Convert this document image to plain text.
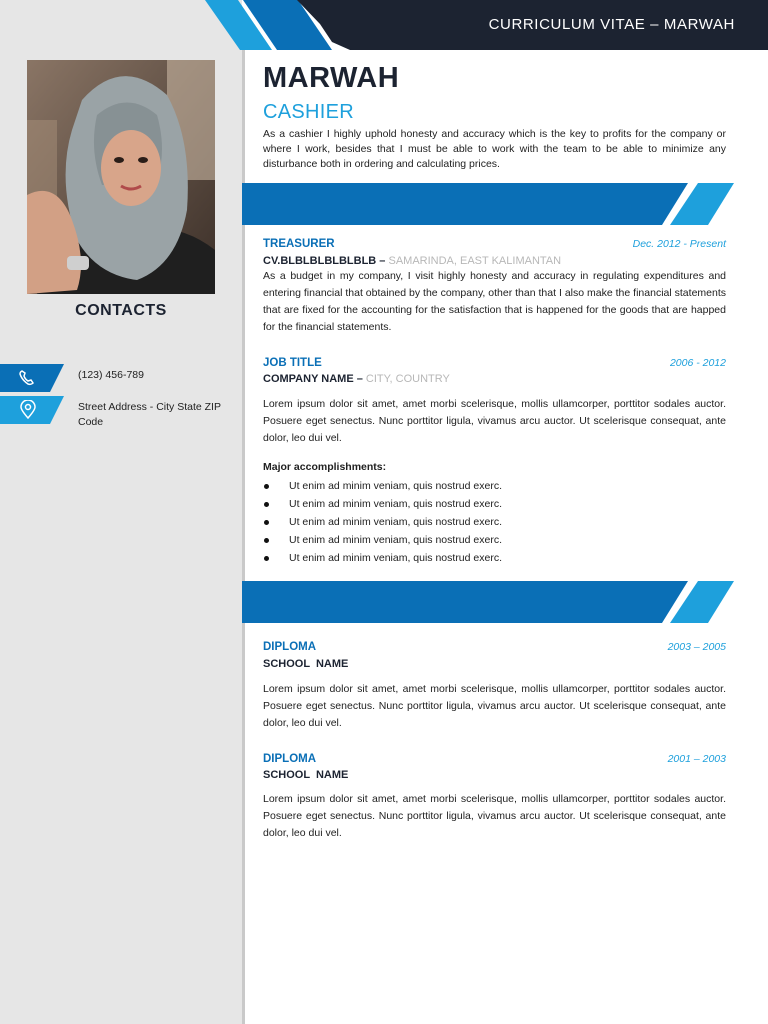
CURRICULUM VITAE – MARWAH
CONTACTS
(123) 456-789
Street Address - City State ZIP Code
MARWAH
CASHIER
As a cashier I highly uphold honesty and accuracy which is the key to profits for the company or where I work, besides that I must be able to work with the team to be able to minimize any disturbance both in ordering and calculating prices.
TREASURER	Dec. 2012 - Present
CV.BLBLBLBLBLBLB – SAMARINDA, EAST KALIMANTAN
As a budget in my company, I visit highly honesty and accuracy in regulating expenditures and entering financial that obtained by the company, other than that I also make the financial statements that are fixed for the accounting for the satisfaction that is happened for the goods that are happed for the financial statements.
JOB TITLE	2006 - 2012
COMPANY NAME – CITY, COUNTRY
Lorem ipsum dolor sit amet, amet morbi scelerisque, mollis ullamcorper, porttitor sodales auctor. Posuere eget senectus. Nunc porttitor ligula, vivamus arcu auctor. Ut scelerisque consequat, ante dolor, leo dui vel.
Major accomplishments:
Ut enim ad minim veniam, quis nostrud exerc.
Ut enim ad minim veniam, quis nostrud exerc.
Ut enim ad minim veniam, quis nostrud exerc.
Ut enim ad minim veniam, quis nostrud exerc.
Ut enim ad minim veniam, quis nostrud exerc.
DIPLOMA	2003 – 2005
SCHOOL  NAME
Lorem ipsum dolor sit amet, amet morbi scelerisque, mollis ullamcorper, porttitor sodales auctor. Posuere eget senectus. Nunc porttitor ligula, vivamus arcu auctor. Ut scelerisque consequat, ante dolor, leo dui vel.
DIPLOMA	2001 – 2003
SCHOOL  NAME
Lorem ipsum dolor sit amet, amet morbi scelerisque, mollis ullamcorper, porttitor sodales auctor. Posuere eget senectus. Nunc porttitor ligula, vivamus arcu auctor. Ut scelerisque consequat, ante dolor, leo dui vel.
